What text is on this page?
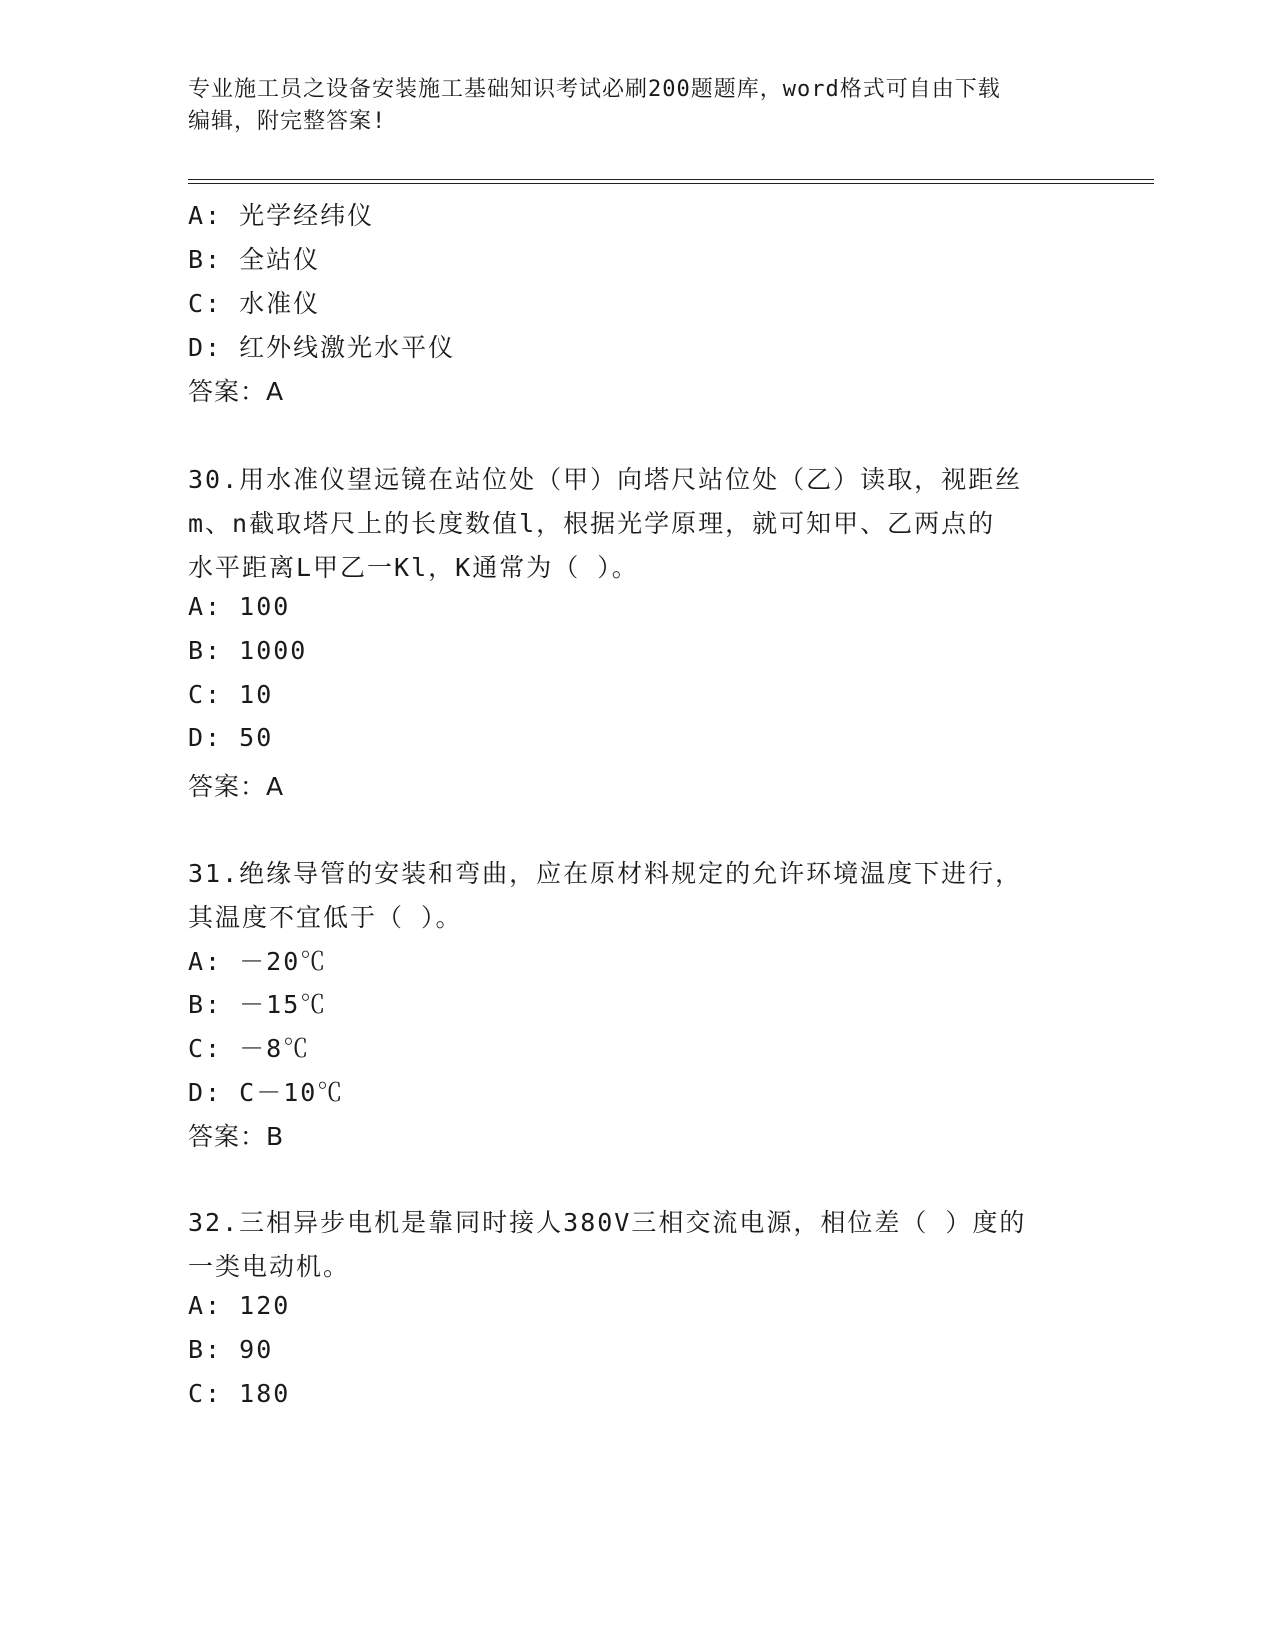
专业施工员之设备安装施工基础知识考试必刷200题题库，word格式可自由下载
编辑，附完整答案!
A: 光学经纬仪
B: 全站仪
C: 水准仪
D: 红外线激光水平仪
答案：A
30.用水准仪望远镜在站位处（甲）向塔尺站位处（乙）读取，视距丝
m、n截取塔尺上的长度数值l，根据光学原理，就可知甲、乙两点的
水平距离L甲乙一Kl，K通常为（ ）。
A: 100
B: 1000
C: 10
D: 50
答案：A
31.绝缘导管的安装和弯曲，应在原材料规定的允许环境温度下进行，
其温度不宜低于（ ）。
A: －20℃
B: －15℃
C: －8℃
D: C－10℃
答案：B
32.三相异步电机是靠同时接人380V三相交流电源，相位差（ ）度的
一类电动机。
A: 120
B: 90
C: 180
